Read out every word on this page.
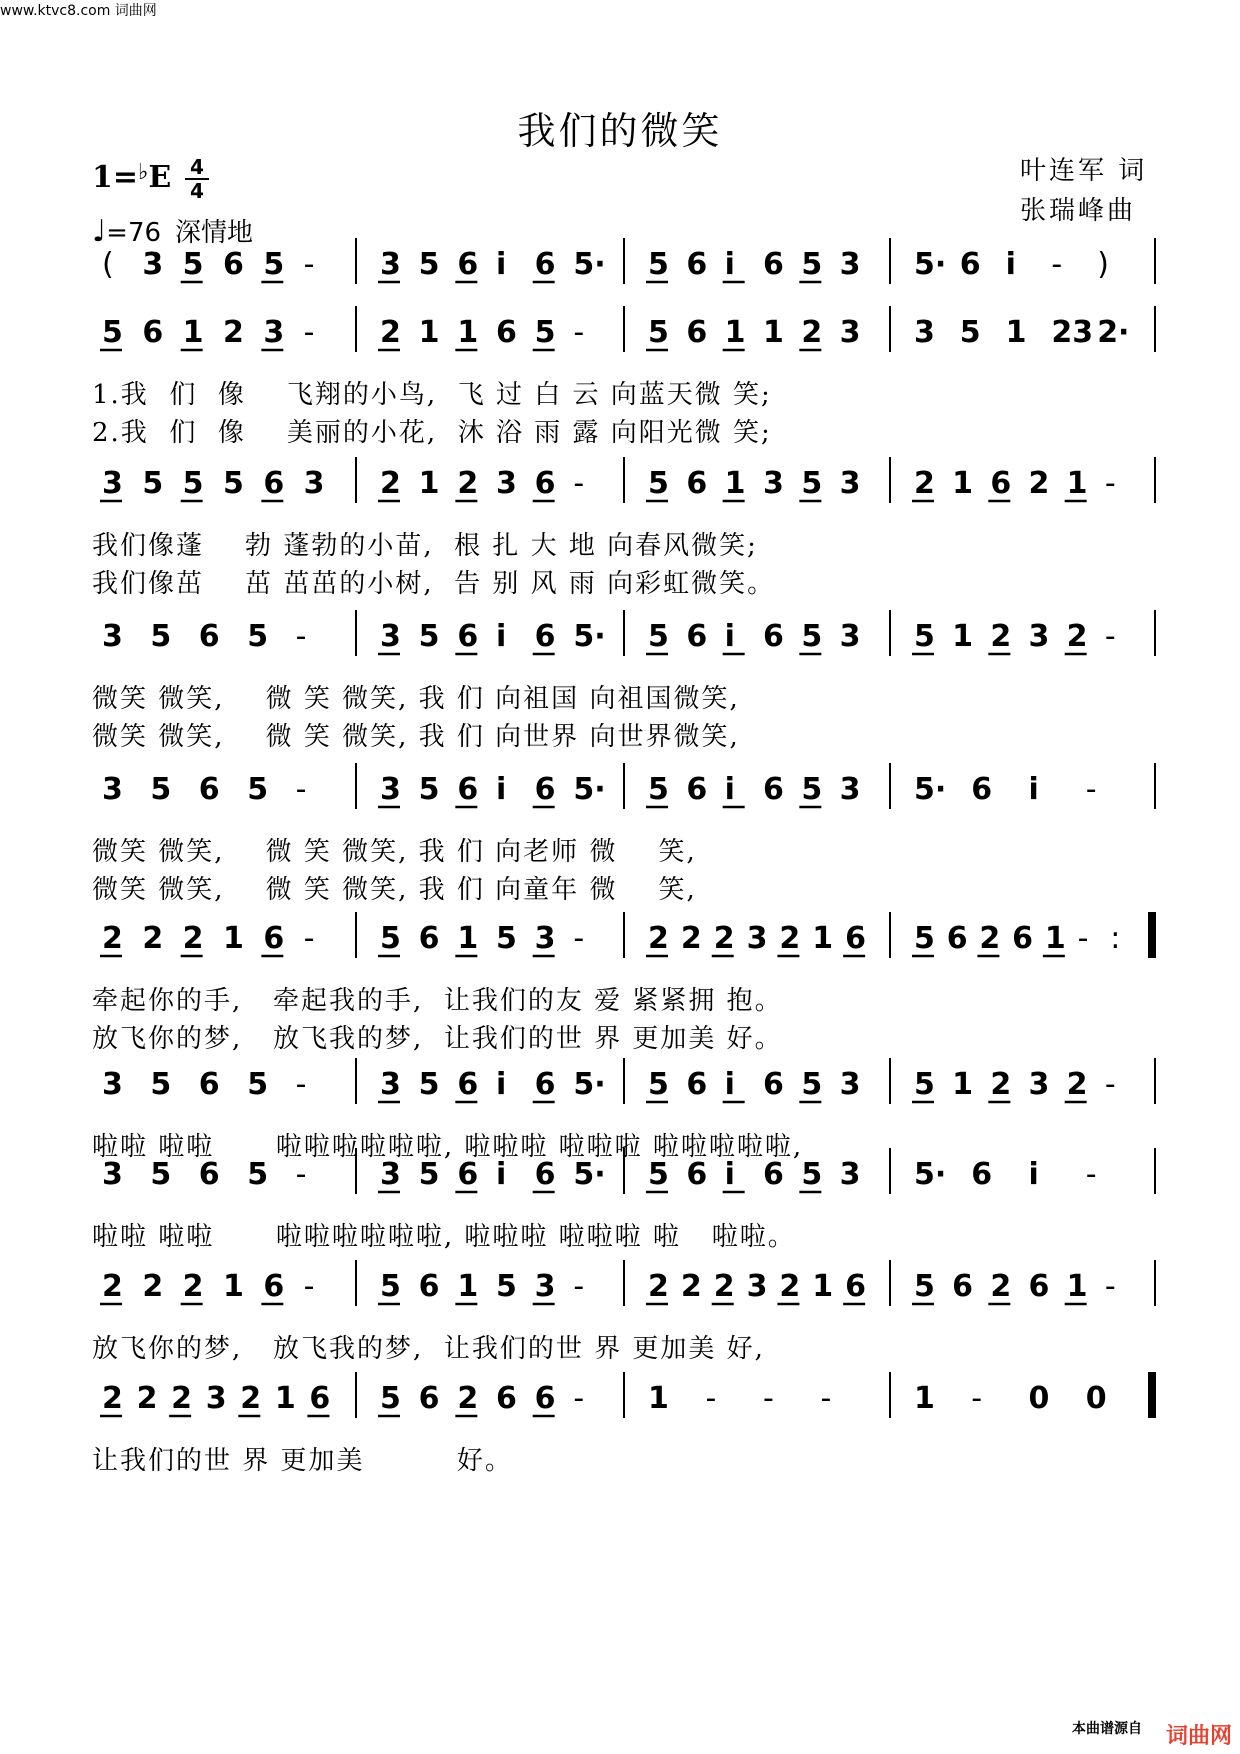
www.ktvc8.com 词曲网
我们的微笑
1=♭E 4
4
♩=76 深情地
叶连军 词
张瑞峰曲
( 3 5 6 5 - 3 5 6 i 6 5· 5 6 i 6 5 3 5· 6 i - )
5 6 1 2 3 - 2 1 1 6 5 - 5 6 1 1 2 3 3 5 1 23 2·
3 5 5 5 6 3 2 1 2 3 6 - 5 6 1 3 5 3 2 1 6 2 1 -
3 5 6 5 - 3 5 6 i 6 5· 5 6 i 6 5 3 5 1 2 3 2 -
3 5 6 5 - 3 5 6 i 6 5· 5 6 i 6 5 3 5· 6 i -
2 2 2 1 6 - 5 6 1 5 3 - 2 2 2 3 2 1 6 5 6 2 6 1 - :
3 5 6 5 - 3 5 6 i 6 5· 5 6 i 6 5 3 5 1 2 3 2 -
3 5 6 5 - 3 5 6 i 6 5· 5 6 i 6 5 3 5· 6 i -
2 2 2 1 6 - 5 6 1 5 3 - 2 2 2 3 2 1 6 5 6 2 6 1 -
2 2 2 3 2 1 6 5 6 2 6 6 - 1 - - -	1 - 0 0
1.我  们  像    飞翔的小鸟,  飞 过 白 云 向蓝天微 笑;
2.我  们  像    美丽的小花,  沐 浴 雨 露 向阳光微 笑;
我们像蓬    勃 蓬勃的小苗,  根 扎 大 地 向春风微笑;
我们像茁    茁 茁茁的小树,  告 别 风 雨 向彩虹微笑。
微笑 微笑,    微 笑 微笑, 我 们 向祖国 向祖国微笑,
微笑 微笑,    微 笑 微笑, 我 们 向世界 向世界微笑,
微笑 微笑,    微 笑 微笑, 我 们 向老师 微    笑,
微笑 微笑,    微 笑 微笑, 我 们 向童年 微    笑,
牵起你的手,   牵起我的手,  让我们的友 爱 紧紧拥 抱。
放飞你的梦,   放飞我的梦,  让我们的世 界 更加美 好。
啦啦 啦啦      啦啦啦啦啦啦, 啦啦啦 啦啦啦 啦啦啦啦啦,
啦啦 啦啦      啦啦啦啦啦啦, 啦啦啦 啦啦啦 啦   啦啦。
放飞你的梦,   放飞我的梦,  让我们的世 界 更加美 好,
让我们的世 界 更加美         好。
本曲谱源自 词曲网
